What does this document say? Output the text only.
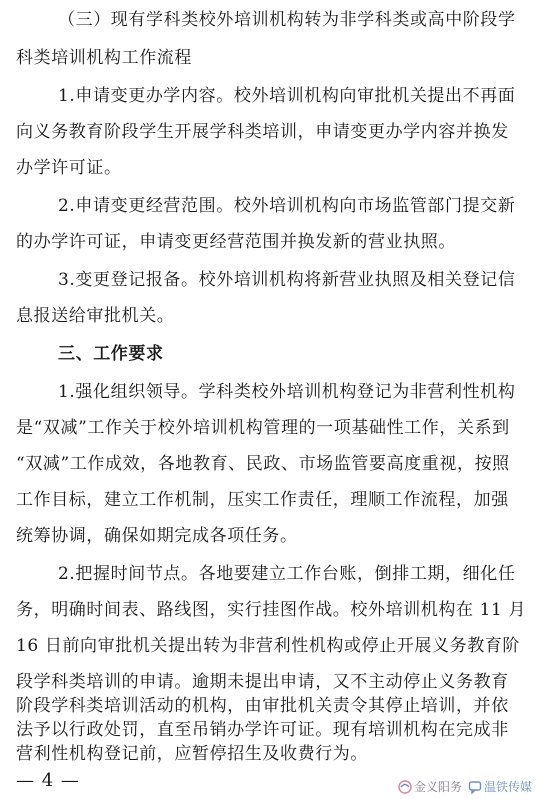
（三）现有学科类校外培训机构转为非学科类或高中阶段学
科类培训机构工作流程
1.申请变更办学内容。校外培训机构向审批机关提出不再面
向义务教育阶段学生开展学科类培训，申请变更办学内容并换发
办学许可证。
2.申请变更经营范围。校外培训机构向市场监管部门提交新
的办学许可证，申请变更经营范围并换发新的营业执照。
3.变更登记报备。校外培训机构将新营业执照及相关登记信
息报送给审批机关。
三、工作要求
1.强化组织领导。学科类校外培训机构登记为非营利性机构
是“双减”工作关于校外培训机构管理的一项基础性工作，关系到
“双减”工作成效，各地教育、民政、市场监管要高度重视，按照
工作目标，建立工作机制，压实工作责任，理顺工作流程，加强
统筹协调，确保如期完成各项任务。
2.把握时间节点。各地要建立工作台账，倒排工期，细化任
务，明确时间表、路线图，实行挂图作战。校外培训机构在 11 月
16 日前向审批机关提出转为非营利性机构或停止开展义务教育阶
段学科类培训的申请。逾期未提出申请，又不主动停止义务教育
阶段学科类培训活动的机构，由审批机关责令其停止培训，并依
法予以行政处罚，直至吊销办学许可证。现有培训机构在完成非
营利性机构登记前，应暂停招生及收费行为。
— 4 —	金义阳务 温铁传媒
